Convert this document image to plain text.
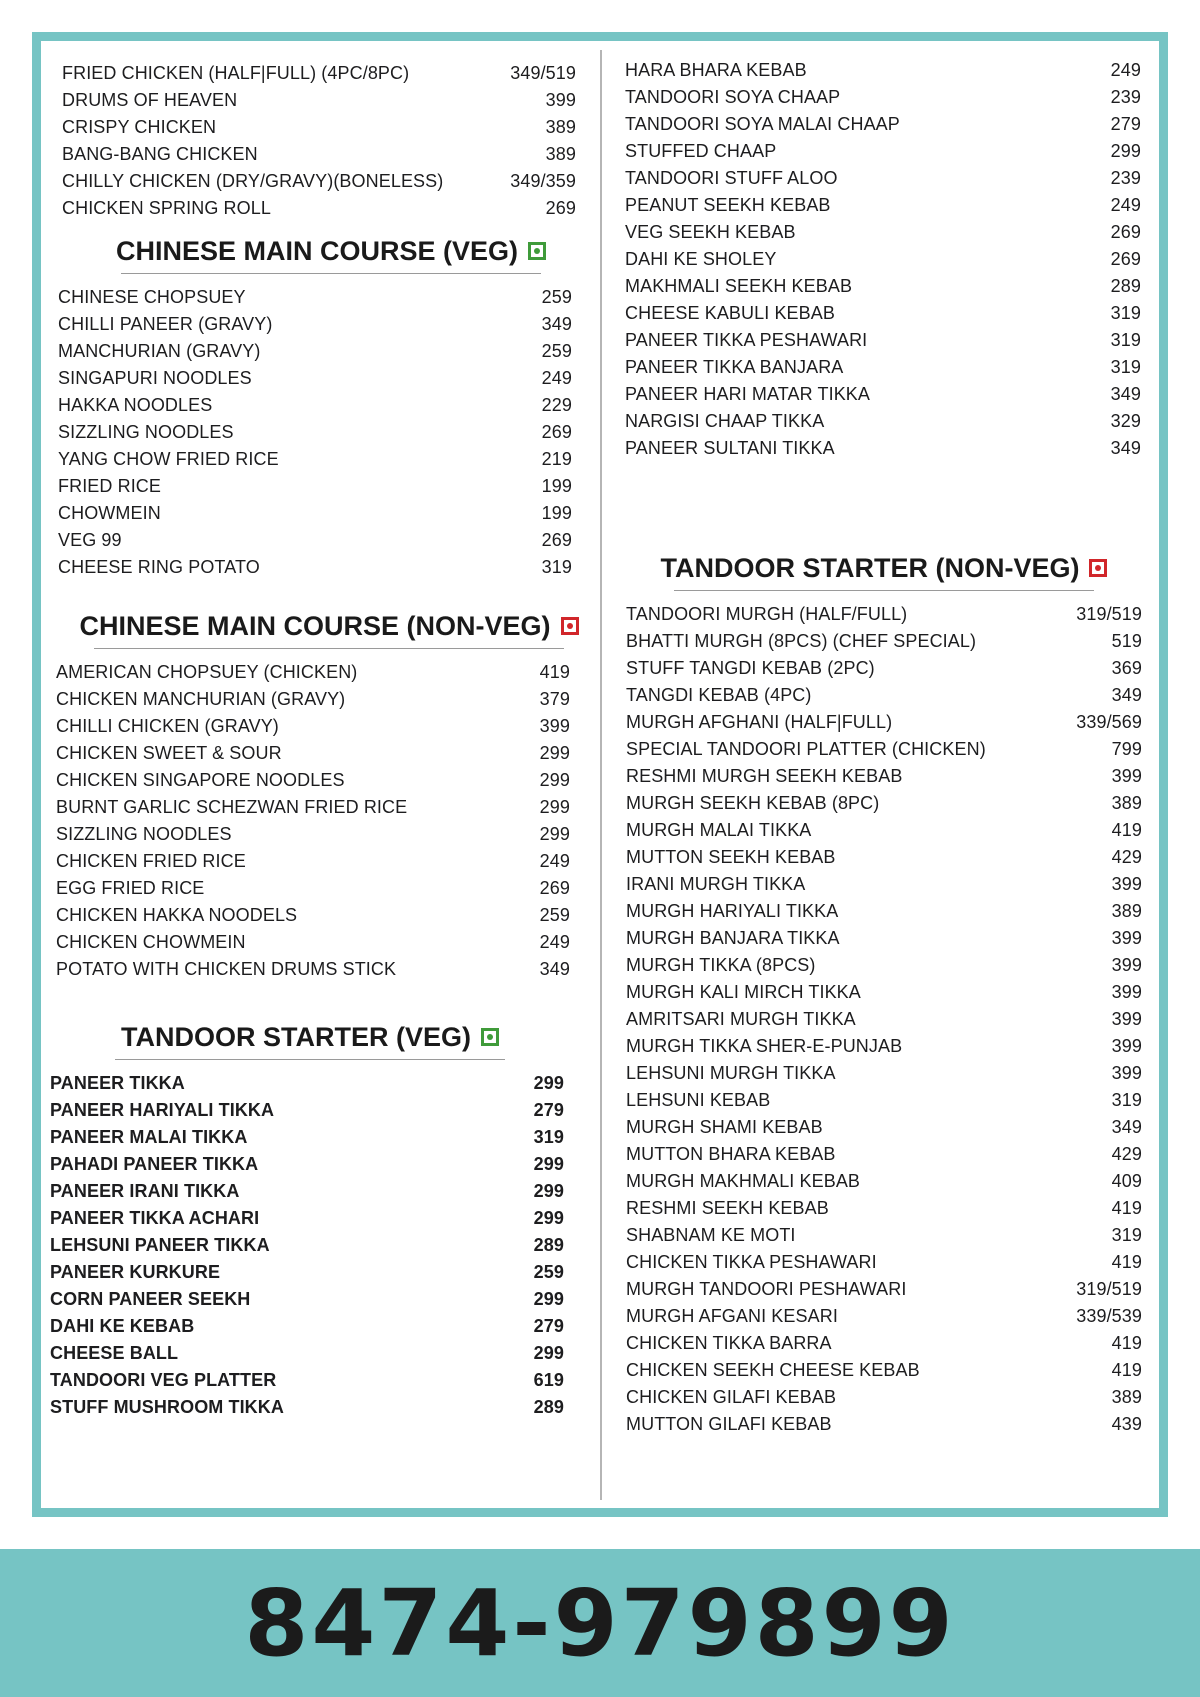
FRIED CHICKEN (HALF|FULL) (4PC/8PC)	349/519
DRUMS OF HEAVEN	399
CRISPY CHICKEN	389
BANG-BANG CHICKEN	389
CHILLY CHICKEN (DRY/GRAVY)(BONELESS)	349/359
CHICKEN SPRING ROLL	269
CHINESE MAIN COURSE (VEG)
CHINESE CHOPSUEY	259
CHILLI PANEER (GRAVY)	349
MANCHURIAN (GRAVY)	259
SINGAPURI NOODLES	249
HAKKA NOODLES	229
SIZZLING NOODLES	269
YANG CHOW FRIED RICE	219
FRIED RICE	199
CHOWMEIN	199
VEG 99	269
CHEESE RING POTATO	319
CHINESE MAIN COURSE (NON-VEG)
AMERICAN CHOPSUEY (CHICKEN)	419
CHICKEN MANCHURIAN (GRAVY)	379
CHILLI CHICKEN (GRAVY)	399
CHICKEN SWEET & SOUR	299
CHICKEN SINGAPORE NOODLES	299
BURNT GARLIC SCHEZWAN FRIED RICE	299
SIZZLING NOODLES	299
CHICKEN FRIED RICE	249
EGG FRIED RICE	269
CHICKEN HAKKA NOODELS	259
CHICKEN CHOWMEIN	249
POTATO WITH CHICKEN DRUMS STICK	349
TANDOOR STARTER (VEG)
PANEER TIKKA	299
PANEER HARIYALI TIKKA	279
PANEER MALAI TIKKA	319
PAHADI PANEER TIKKA	299
PANEER IRANI TIKKA	299
PANEER TIKKA ACHARI	299
LEHSUNI PANEER TIKKA	289
PANEER KURKURE	259
CORN PANEER SEEKH	299
DAHI KE KEBAB	279
CHEESE BALL	299
TANDOORI VEG PLATTER	619
STUFF MUSHROOM TIKKA	289
HARA BHARA KEBAB	249
TANDOORI SOYA CHAAP	239
TANDOORI SOYA MALAI CHAAP	279
STUFFED CHAAP	299
TANDOORI STUFF ALOO	239
PEANUT SEEKH KEBAB	249
VEG SEEKH KEBAB	269
DAHI KE SHOLEY	269
MAKHMALI SEEKH KEBAB	289
CHEESE KABULI KEBAB	319
PANEER TIKKA PESHAWARI	319
PANEER TIKKA BANJARA	319
PANEER HARI MATAR TIKKA	349
NARGISI CHAAP TIKKA	329
PANEER SULTANI TIKKA	349
TANDOOR STARTER (NON-VEG)
TANDOORI MURGH (HALF/FULL)	319/519
BHATTI MURGH (8PCS) (CHEF SPECIAL)	519
STUFF TANGDI KEBAB (2PC)	369
TANGDI KEBAB (4PC)	349
MURGH AFGHANI (HALF|FULL)	339/569
SPECIAL TANDOORI PLATTER (CHICKEN)	799
RESHMI MURGH SEEKH KEBAB	399
MURGH SEEKH KEBAB (8PC)	389
MURGH MALAI TIKKA	419
MUTTON SEEKH KEBAB	429
IRANI MURGH TIKKA	399
MURGH HARIYALI TIKKA	389
MURGH BANJARA TIKKA	399
MURGH TIKKA (8PCS)	399
MURGH KALI MIRCH TIKKA	399
AMRITSARI MURGH TIKKA	399
MURGH TIKKA SHER-E-PUNJAB	399
LEHSUNI MURGH TIKKA	399
LEHSUNI KEBAB	319
MURGH SHAMI KEBAB	349
MUTTON BHARA KEBAB	429
MURGH MAKHMALI KEBAB	409
RESHMI SEEKH KEBAB	419
SHABNAM KE MOTI	319
CHICKEN TIKKA PESHAWARI	419
MURGH TANDOORI PESHAWARI	319/519
MURGH AFGANI KESARI	339/539
CHICKEN TIKKA BARRA	419
CHICKEN SEEKH CHEESE KEBAB	419
CHICKEN GILAFI KEBAB	389
MUTTON GILAFI KEBAB	439
8474-979899
